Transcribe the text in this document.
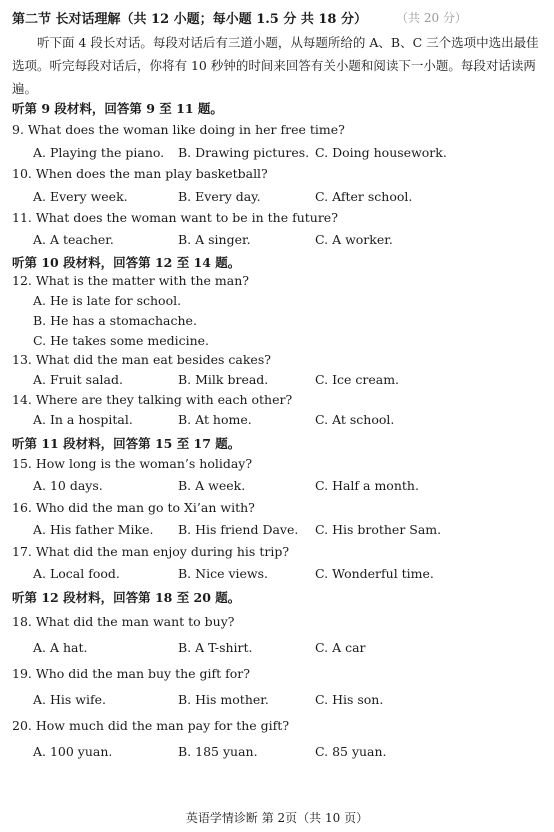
第二节 长对话理解（共 12 小题；每小题 1.5 分 共 18 分） （共 20 分）
听下面 4 段长对话。每段对话后有三道小题，从每题所给的 A、B、C 三个选项中选出最佳选项。听完每段对话后，你将有 10 秒钟的时间来回答有关小题和阅读下一小题。每段对话读两遍。
听第 9 段材料，回答第 9 至 11 题。
9. What does the woman like doing in her free time?
A. Playing the piano. B. Drawing pictures. C. Doing housework.
10. When does the man play basketball?
A. Every week.	B. Every day.	C. After school.
11. What does the woman want to be in the future?
A. A teacher.	B. A singer.	C. A worker.
听第 10 段材料，回答第 12 至 14 题。
12. What is the matter with the man?
A. He is late for school.
B. He has a stomachache.
C. He takes some medicine.
13. What did the man eat besides cakes?
A. Fruit salad.	B. Milk bread.	C. Ice cream.
14. Where are they talking with each other?
A. In a hospital.	B. At home.	C. At school.
听第 11 段材料，回答第 15 至 17 题。
15. How long is the woman’s holiday?
A. 10 days.	B. A week.	C. Half a month.
16. Who did the man go to Xi’an with?
A. His father Mike. B. His friend Dave. C. His brother Sam.
17. What did the man enjoy during his trip?
A. Local food.	B. Nice views.	C. Wonderful time.
听第 12 段材料，回答第 18 至 20 题。
18. What did the man want to buy?
A. A hat.	B. A T-shirt.	C. A car
19. Who did the man buy the gift for?
A. His wife.	B. His mother.	C. His son.
20. How much did the man pay for the gift?
A. 100 yuan.	B. 185 yuan.	C. 85 yuan.
英语学情诊断 第 2页（共 10 页）
